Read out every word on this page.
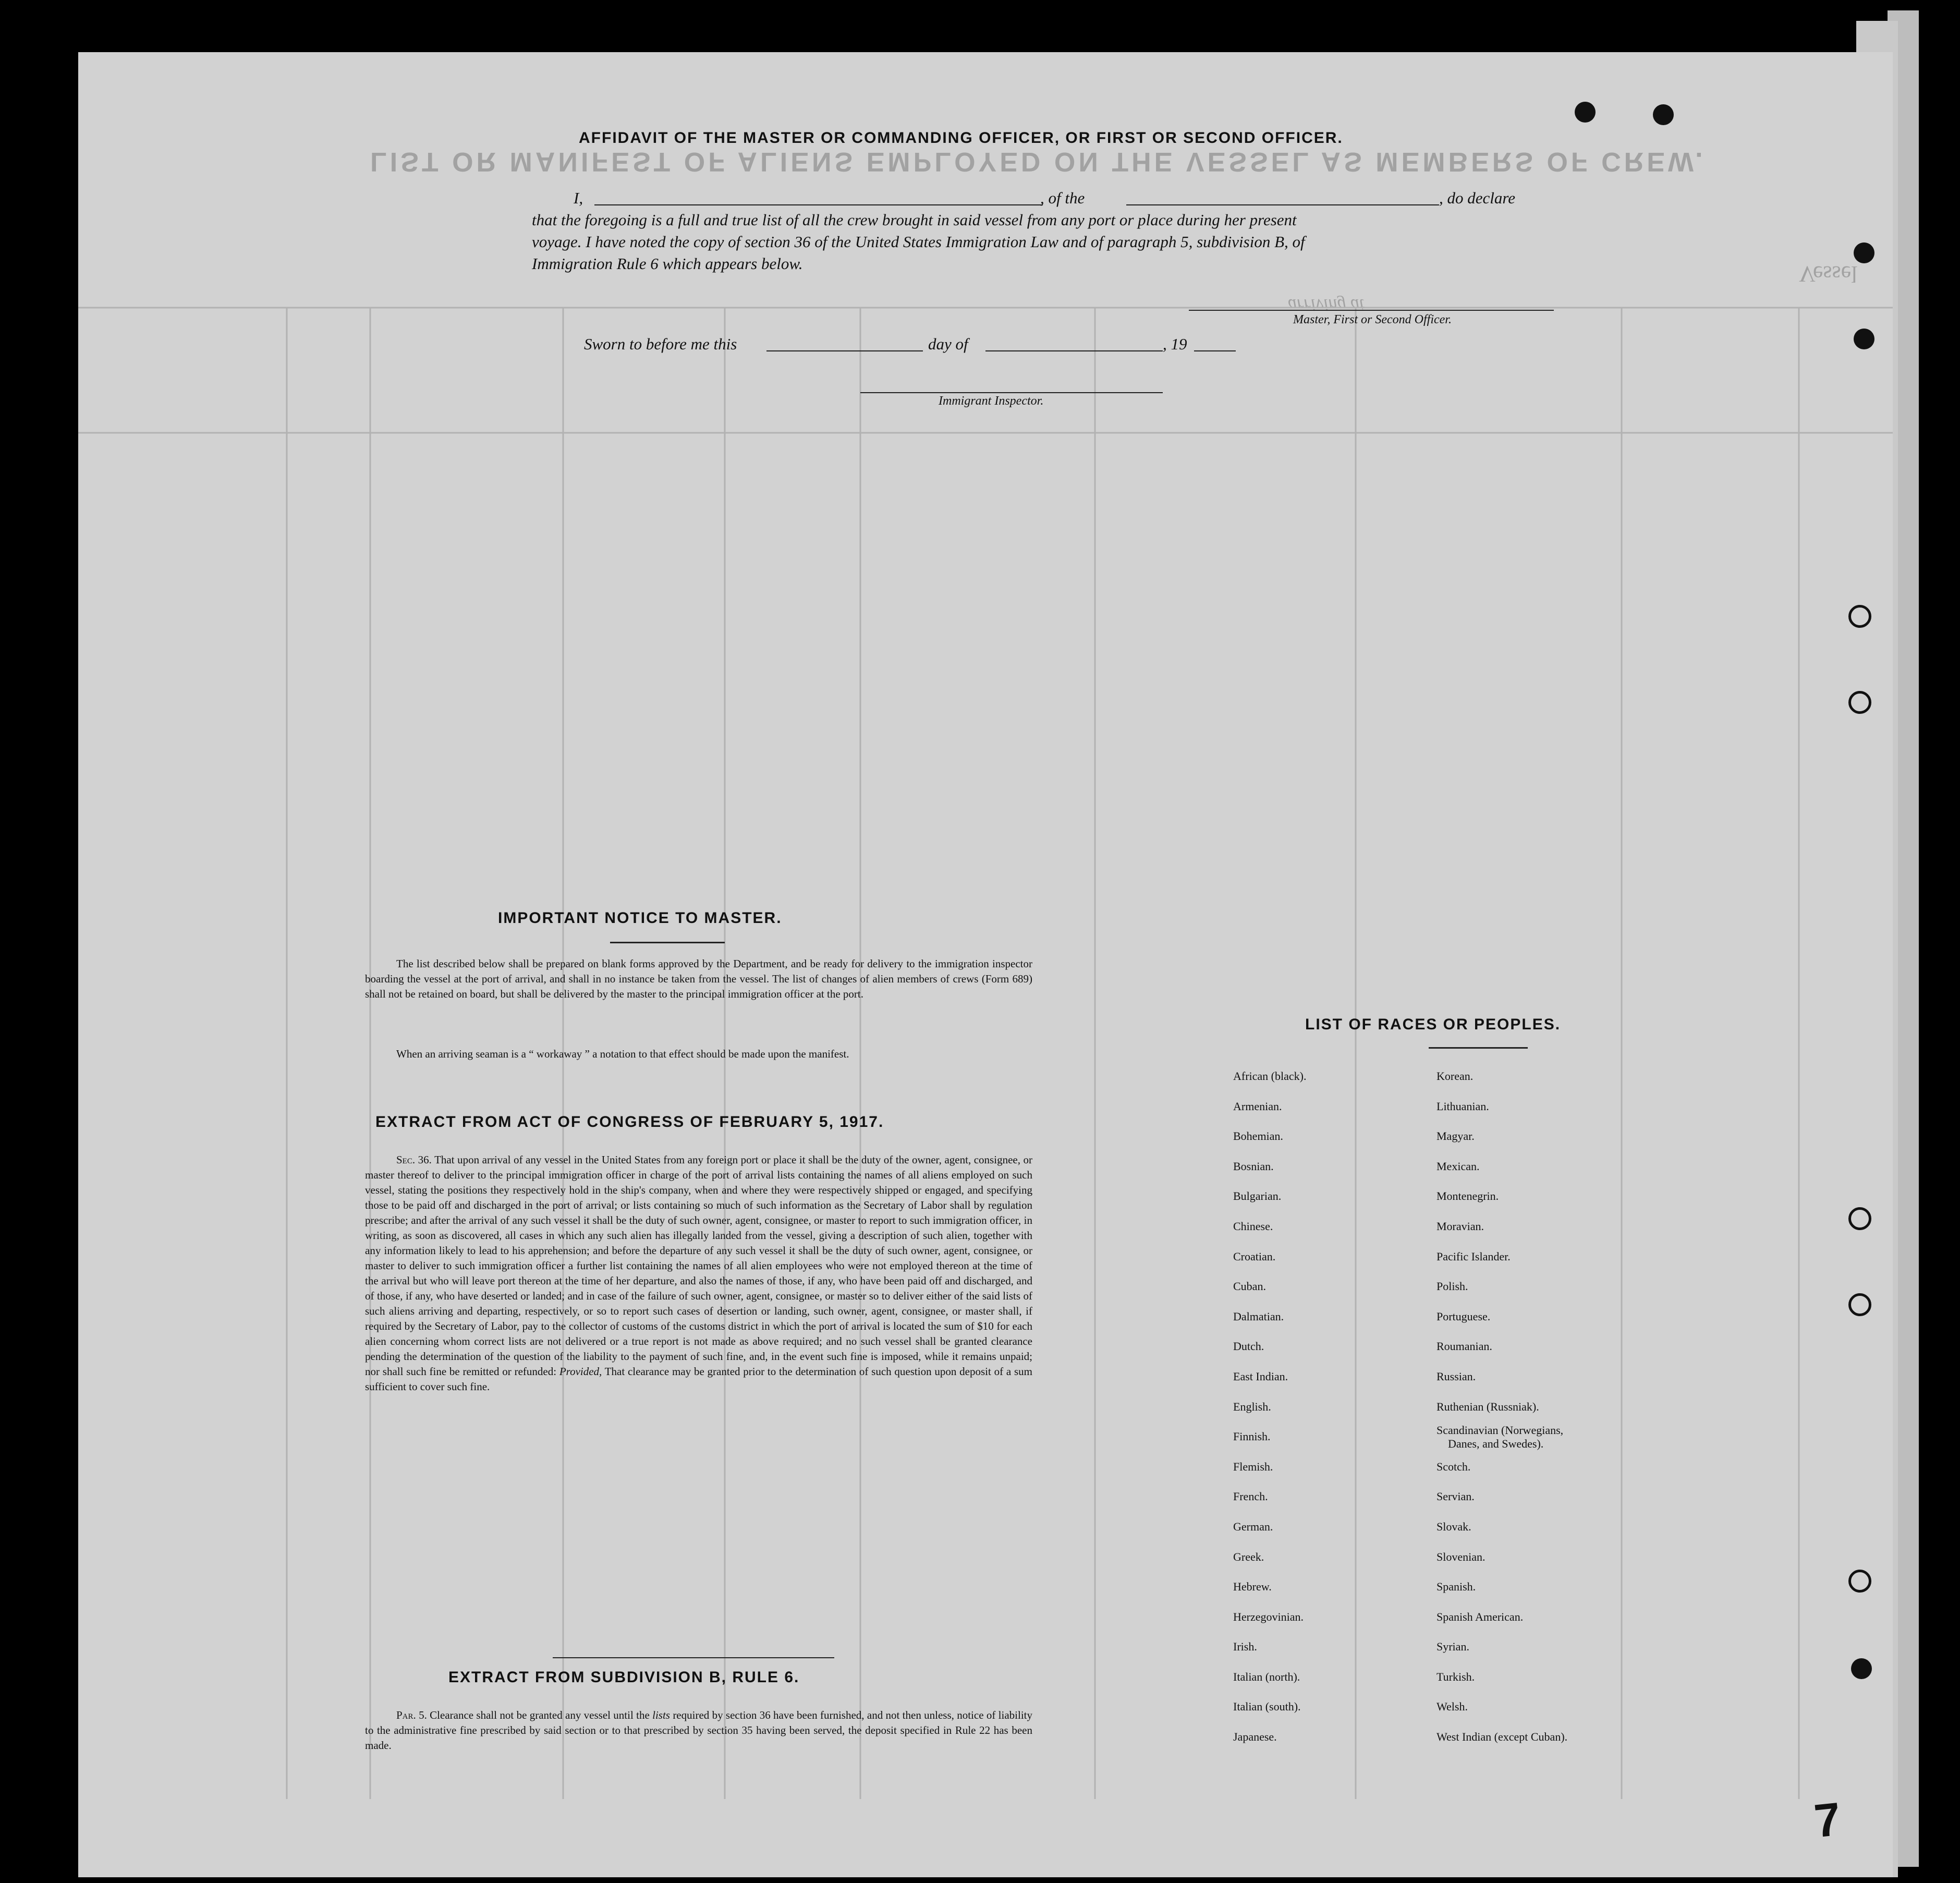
LIST OR MANIFEST OF ALIENS EMPLOYED ON THE VESSEL AS MEMBERS OF CREW.
Vessel
arriving at
AFFIDAVIT OF THE MASTER OR COMMANDING OFFICER, OR FIRST OR SECOND OFFICER.
I,	, of the	, do declare
that the foregoing is a full and true list of all the crew brought in said vessel from any port or place during her present
voyage. I have noted the copy of section 36 of the United States Immigration Law and of paragraph 5, subdivision B, of
Immigration Rule 6 which appears below.
Master, First or Second Officer.
Sworn to before me this	day of	, 19
Immigrant Inspector.
IMPORTANT NOTICE TO MASTER.
The list described below shall be prepared on blank forms approved by the Department, and be ready for delivery to the immigration inspector boarding the vessel at the port of arrival, and shall in no instance be taken from the vessel. The list of changes of alien members of crews (Form 689) shall not be retained on board, but shall be delivered by the master to the principal immigration officer at the port.
When an arriving seaman is a “ workaway ” a notation to that effect should be made upon the manifest.
EXTRACT FROM ACT OF CONGRESS OF FEBRUARY 5, 1917.
Sec. 36. That upon arrival of any vessel in the United States from any foreign port or place it shall be the duty of the owner, agent, consignee, or master thereof to deliver to the principal immigration officer in charge of the port of arrival lists containing the names of all aliens employed on such vessel, stating the positions they respectively hold in the ship's company, when and where they were respectively shipped or engaged, and specifying those to be paid off and discharged in the port of arrival; or lists containing so much of such information as the Secretary of Labor shall by regulation prescribe; and after the arrival of any such vessel it shall be the duty of such owner, agent, consignee, or master to report to such immigration officer, in writing, as soon as discovered, all cases in which any such alien has illegally landed from the vessel, giving a description of such alien, together with any information likely to lead to his apprehension; and before the departure of any such vessel it shall be the duty of such owner, agent, consignee, or master to deliver to such immigration officer a further list containing the names of all alien employees who were not employed thereon at the time of the arrival but who will leave port thereon at the time of her departure, and also the names of those, if any, who have been paid off and discharged, and of those, if any, who have deserted or landed; and in case of the failure of such owner, agent, consignee, or master so to deliver either of the said lists of such aliens arriving and departing, respectively, or so to report such cases of desertion or landing, such owner, agent, consignee, or master shall, if required by the Secretary of Labor, pay to the collector of customs of the customs district in which the port of arrival is located the sum of $10 for each alien concerning whom correct lists are not delivered or a true report is not made as above required; and no such vessel shall be granted clearance pending the determination of the question of the liability to the payment of such fine, and, in the event such fine is imposed, while it remains unpaid; nor shall such fine be remitted or refunded: Provided, That clearance may be granted prior to the determination of such question upon deposit of a sum sufficient to cover such fine.
EXTRACT FROM SUBDIVISION B, RULE 6.
Par. 5. Clearance shall not be granted any vessel until the lists required by section 36 have been furnished, and not then unless, notice of liability to the administrative fine prescribed by said section or to that prescribed by section 35 having been served, the deposit specified in Rule 22 has been made.
LIST OF RACES OR PEOPLES.
African (black).
Armenian.
Bohemian.
Bosnian.
Bulgarian.
Chinese.
Croatian.
Cuban.
Dalmatian.
Dutch.
East Indian.
English.
Finnish.
Flemish.
French.
German.
Greek.
Hebrew.
Herzegovinian.
Irish.
Italian (north).
Italian (south).
Japanese.
Korean.
Lithuanian.
Magyar.
Mexican.
Montenegrin.
Moravian.
Pacific Islander.
Polish.
Portuguese.
Roumanian.
Russian.
Ruthenian (Russniak).
Scandinavian (Norwegians,
Danes, and Swedes).
Scotch.
Servian.
Slovak.
Slovenian.
Spanish.
Spanish American.
Syrian.
Turkish.
Welsh.
West Indian (except Cuban).
7
